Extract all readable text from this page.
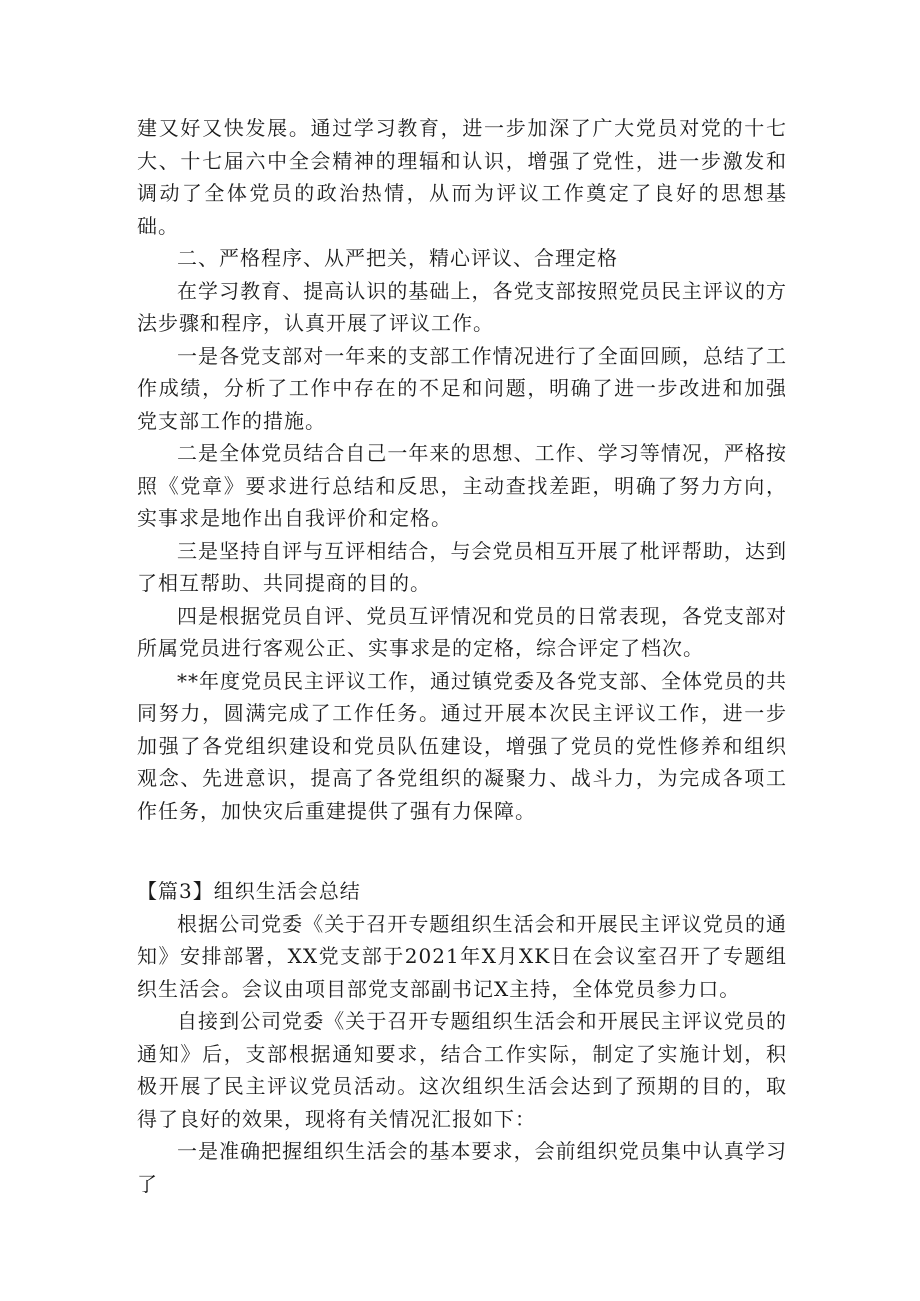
建又好又快发展。通过学习教育，进一步加深了广大党员对党的十七大、十七届六中全会精神的理辐和认识，增强了党性，进一步激发和调动了全体党员的政治热情，从而为评议工作奠定了良好的思想基础。

二、严格程序、从严把关，精心评议、合理定格

在学习教育、提高认识的基础上，各党支部按照党员民主评议的方法步骤和程序，认真开展了评议工作。

一是各党支部对一年来的支部工作情况进行了全面回顾，总结了工作成绩，分析了工作中存在的不足和问题，明确了进一步改进和加强党支部工作的措施。

二是全体党员结合自己一年来的思想、工作、学习等情况，严格按照《党章》要求进行总结和反思，主动查找差距，明确了努力方向，实事求是地作出自我评价和定格。

三是坚持自评与互评相结合，与会党员相互开展了枇评帮助，达到了相互帮助、共同提商的目的。

四是根据党员自评、党员互评情况和党员的日常表现，各党支部对所属党员进行客观公正、实事求是的定格，综合评定了档次。

**年度党员民主评议工作，通过镇党委及各党支部、全体党员的共同努力，圆满完成了工作任务。通过开展本次民主评议工作，进一步加强了各党组织建设和党员队伍建设，增强了党员的党性修养和组织观念、先进意识，提高了各党组织的凝聚力、战斗力，为完成各项工作任务，加快灾后重建提供了强有力保障。

【篇3】组织生活会总结

根据公司党委《关于召开专题组织生活会和开展民主评议党员的通知》安排部署，XX党支部于2021年X月XK日在会议室召开了专题组织生活会。会议由项目部党支部副书记X主持，全体党员参力口。

自接到公司党委《关于召开专题组织生活会和开展民主评议党员的通知》后，支部根据通知要求，结合工作实际，制定了实施计划，积极开展了民主评议党员活动。这次组织生活会达到了预期的目的，取得了良好的效果，现将有关情况汇报如下：

一是准确把握组织生活会的基本要求，会前组织党员集中认真学习了
